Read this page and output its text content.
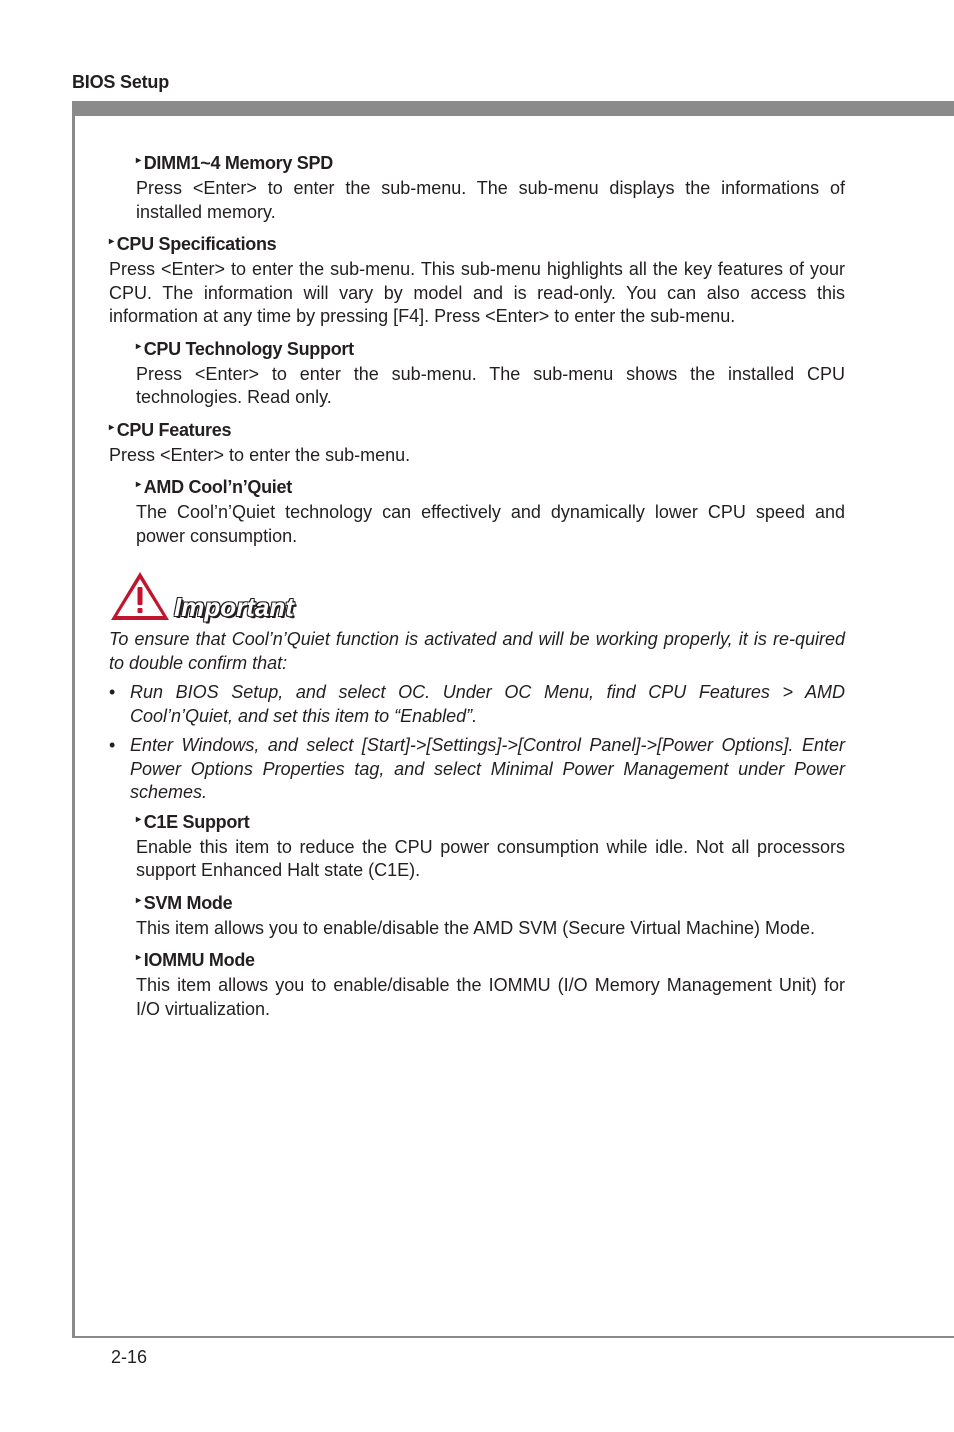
BIOS Setup
2-16
▸ DIMM1~4 Memory SPD

Press <Enter> to enter the sub-menu. The sub-menu displays the informations of installed memory.

▸ CPU Specifications

Press <Enter> to enter the sub-menu. This sub-menu highlights all the key features of your CPU. The information will vary by model and is read-only. You can also access this information at any time by pressing [F4]. Press <Enter> to enter the sub-menu.

▸ CPU Technology Support

Press <Enter> to enter the sub-menu. The sub-menu shows the installed CPU technologies. Read only.

▸ CPU Features

Press <Enter> to enter the sub-menu.

▸ AMD Cool’n’Quiet

The Cool’n’Quiet technology can effectively and dynamically lower CPU speed and power consumption.

Important

To ensure that Cool’n’Quiet function is activated and will be working properly, it is re-quired to double confirm that:

• Run BIOS Setup, and select OC. Under OC Menu, find CPU Features > AMD Cool’n’Quiet, and set this item to “Enabled”.
• Enter Windows, and select [Start]->[Settings]->[Control Panel]->[Power Options]. Enter Power Options Properties tag, and select Minimal Power Management under Power schemes.
▸ C1E Support

Enable this item to reduce the CPU power consumption while idle. Not all processors support Enhanced Halt state (C1E).

▸ SVM Mode

This item allows you to enable/disable the AMD SVM (Secure Virtual Machine) Mode.

▸ IOMMU Mode

This item allows you to enable/disable the IOMMU (I/O Memory Management Unit) for I/O virtualization.
